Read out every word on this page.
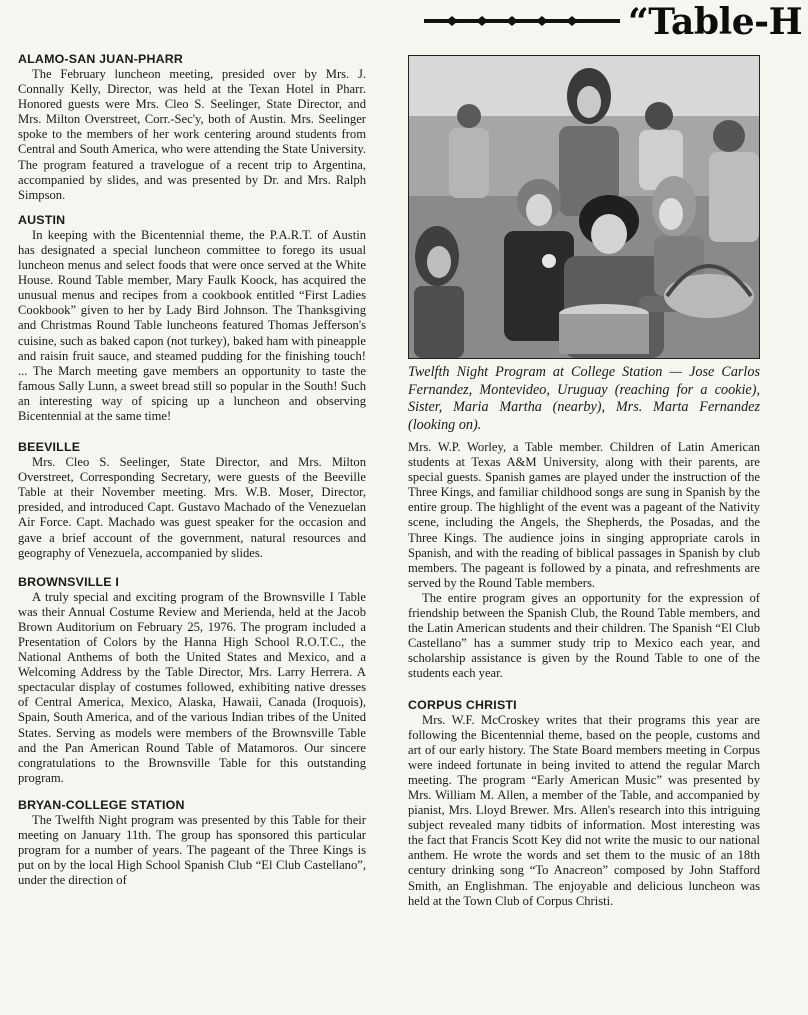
“Table-H
ALAMO-SAN JUAN-PHARR

The February luncheon meeting, presided over by Mrs. J. Connally Kelly, Director, was held at the Texan Hotel in Pharr. Honored guests were Mrs. Cleo S. Seelinger, State Director, and Mrs. Milton Overstreet, Corr.-Sec'y, both of Austin. Mrs. Seelinger spoke to the members of her work centering around students from Central and South America, who were attending the State University. The program featured a travelogue of a recent trip to Argentina, accompanied by slides, and was presented by Dr. and Mrs. Ralph Simpson.

AUSTIN

In keeping with the Bicentennial theme, the P.A.R.T. of Austin has designated a special luncheon committee to forego its usual luncheon menus and select foods that were once served at the White House. Round Table member, Mary Faulk Koock, has acquired the unusual menus and recipes from a cookbook entitled “First Ladies Cookbook” given to her by Lady Bird Johnson. The Thanksgiving and Christmas Round Table luncheons featured Thomas Jefferson's cuisine, such as baked capon (not turkey), baked ham with pineapple and raisin fruit sauce, and steamed pudding for the finishing touch! ... The March meeting gave members an opportunity to taste the famous Sally Lunn, a sweet bread still so popular in the South! Such an interesting way of spicing up a luncheon and observing Bicentennial at the same time!

BEEVILLE

Mrs. Cleo S. Seelinger, State Director, and Mrs. Milton Overstreet, Corresponding Secretary, were guests of the Beeville Table at their November meeting. Mrs. W.B. Moser, Director, presided, and introduced Capt. Gustavo Machado of the Venezuelan Air Force. Capt. Machado was guest speaker for the occasion and gave a brief account of the government, natural resources and geography of Venezuela, accompanied by slides.

BROWNSVILLE I

A truly special and exciting program of the Brownsville I Table was their Annual Costume Review and Merienda, held at the Jacob Brown Auditorium on February 25, 1976. The program included a Presentation of Colors by the Hanna High School R.O.T.C., the National Anthems of both the United States and Mexico, and a Welcoming Address by the Table Director, Mrs. Larry Herrera. A spectacular display of costumes followed, exhibiting native dresses of Central America, Mexico, Alaska, Hawaii, Canada (Iroquois), Spain, South America, and of the various Indian tribes of the United States. Serving as models were members of the Brownsville Table and the Pan American Round Table of Matamoros. Our sincere congratulations to the Brownsville Table for this outstanding program.

BRYAN-COLLEGE STATION

The Twelfth Night program was presented by this Table for their meeting on January 11th. The group has sponsored this particular program for a number of years. The pageant of the Three Kings is put on by the local High School Spanish Club “El Club Castellano”, under the direction of

Twelfth Night Program at College Station — Jose Carlos Fernandez, Montevideo, Uruguay (reaching for a cookie), Sister, Maria Martha (nearby), Mrs. Marta Fernandez (looking on).

Mrs. W.P. Worley, a Table member. Children of Latin American students at Texas A&M University, along with their parents, are special guests. Spanish games are played under the instruction of the Three Kings, and familiar childhood songs are sung in Spanish by the entire group. The highlight of the event was a pageant of the Nativity scene, including the Angels, the Shepherds, the Posadas, and the Three Kings. The audience joins in singing appropriate carols in Spanish, and with the reading of biblical passages in Spanish by club members. The pageant is followed by a pinata, and refreshments are served by the Round Table members.

The entire program gives an opportunity for the expression of friendship between the Spanish Club, the Round Table members, and the Latin American students and their children. The Spanish “El Club Castellano” has a summer study trip to Mexico each year, and scholarship assistance is given by the Round Table to one of the students each year.

CORPUS CHRISTI

Mrs. W.F. McCroskey writes that their programs this year are following the Bicentennial theme, based on the people, customs and art of our early history. The State Board members meeting in Corpus were indeed fortunate in being invited to attend the regular March meeting. The program “Early American Music” was presented by Mrs. William M. Allen, a member of the Table, and accompanied by pianist, Mrs. Lloyd Brewer. Mrs. Allen's research into this intriguing subject revealed many tidbits of information. Most interesting was the fact that Francis Scott Key did not write the music to our national anthem. He wrote the words and set them to the music of an 18th century drinking song “To Anacreon” composed by John Stafford Smith, an Englishman. The enjoyable and delicious luncheon was held at the Town Club of Corpus Christi.
